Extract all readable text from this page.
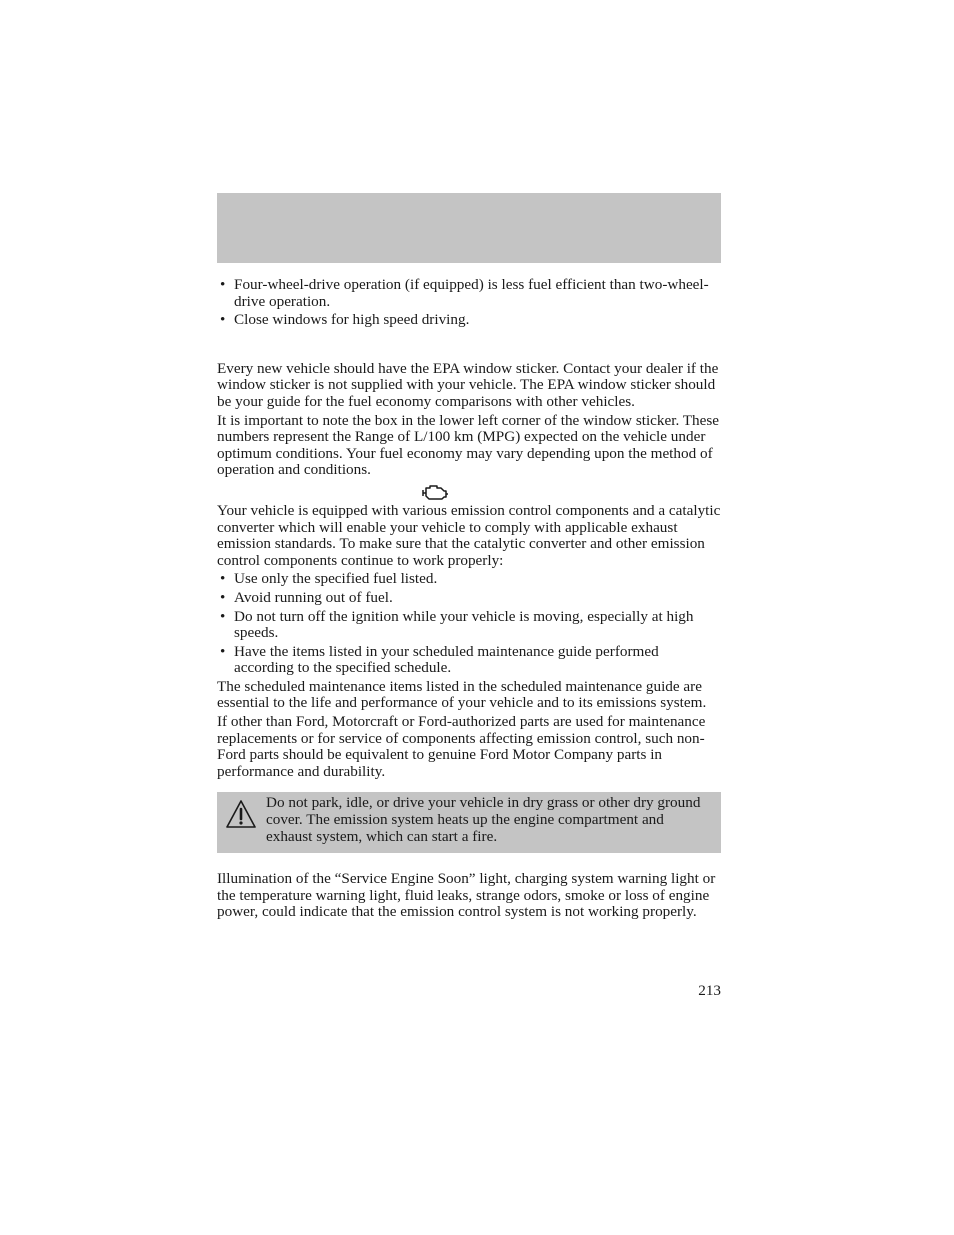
• Four-wheel-drive operation (if equipped) is less fuel efficient than two-wheel-drive operation.
• Close windows for high speed driving.

Every new vehicle should have the EPA window sticker. Contact your dealer if the window sticker is not supplied with your vehicle. The EPA window sticker should be your guide for the fuel economy comparisons with other vehicles.

It is important to note the box in the lower left corner of the window sticker. These numbers represent the Range of L/100 km (MPG) expected on the vehicle under optimum conditions. Your fuel economy may vary depending upon the method of operation and conditions.

Your vehicle is equipped with various emission control components and a catalytic converter which will enable your vehicle to comply with applicable exhaust emission standards. To make sure that the catalytic converter and other emission control components continue to work properly:

• Use only the specified fuel listed.
• Avoid running out of fuel.
• Do not turn off the ignition while your vehicle is moving, especially at high speeds.
• Have the items listed in your scheduled maintenance guide performed according to the specified schedule.

The scheduled maintenance items listed in the scheduled maintenance guide are essential to the life and performance of your vehicle and to its emissions system.

If other than Ford, Motorcraft or Ford-authorized parts are used for maintenance replacements or for service of components affecting emission control, such non-Ford parts should be equivalent to genuine Ford Motor Company parts in performance and durability.

Do not park, idle, or drive your vehicle in dry grass or other dry ground cover. The emission system heats up the engine compartment and exhaust system, which can start a fire.

Illumination of the “Service Engine Soon” light, charging system warning light or the temperature warning light, fluid leaks, strange odors, smoke or loss of engine power, could indicate that the emission control system is not working properly.

213
